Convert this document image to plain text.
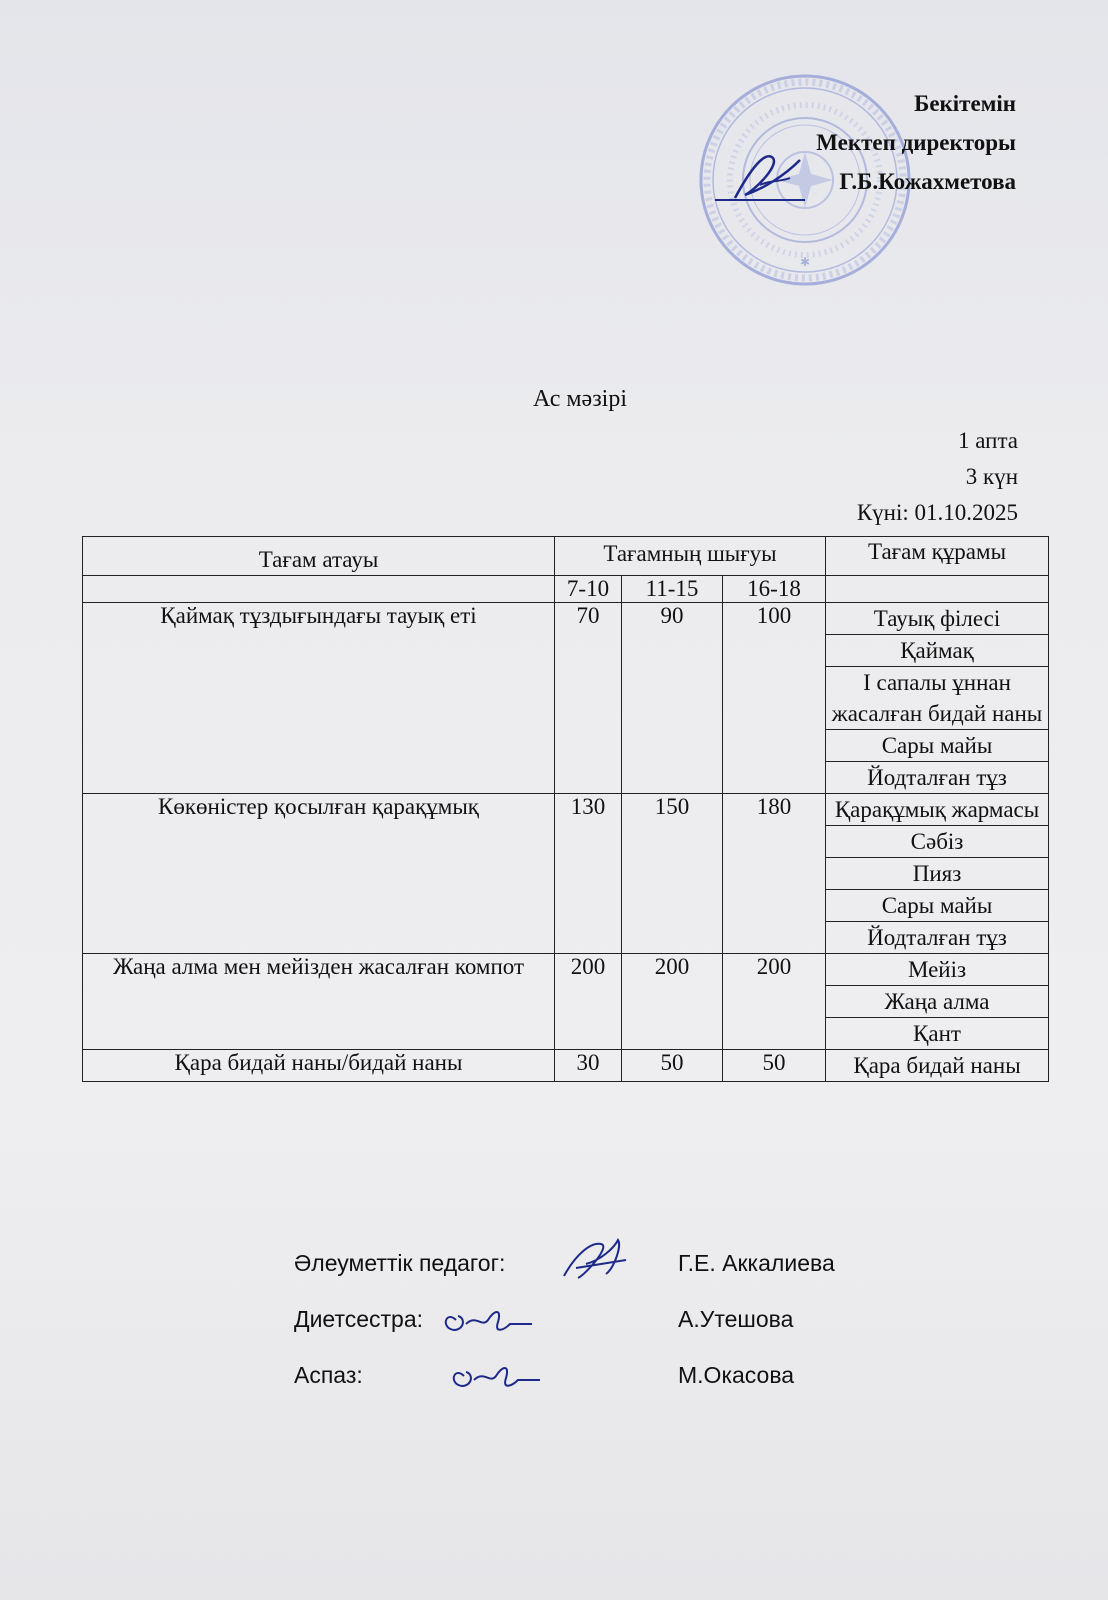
✱
Бекітемін
Мектеп директоры
Г.Б.Кожахметова
Ас мәзірі
1 апта
3 күн
Күні: 01.10.2025
Тағам атауы	Тағамның шығуы			Тағам құрамы
	7-10	11-15	16-18	
Қаймақ тұздығындағы тауық еті	70	90	100	Тауық філесі
				Қаймақ
				І сапалы ұннан жасалған бидай наны
				Сары майы
				Йодталған тұз
Көкөністер қосылған қарақұмық	130	150	180	Қарақұмық жармасы
				Сәбіз
				Пияз
				Сары майы
				Йодталған тұз
Жаңа алма мен мейізден жасалған компот	200	200	200	Мейіз
				Жаңа алма
				Қант
Қара бидай наны/бидай наны	30	50	50	Қара бидай наны
Әлеуметтік педагог:	Г.Е. Аккалиева
Диетсестра:	А.Утешова
Аспаз:	М.Окасова
